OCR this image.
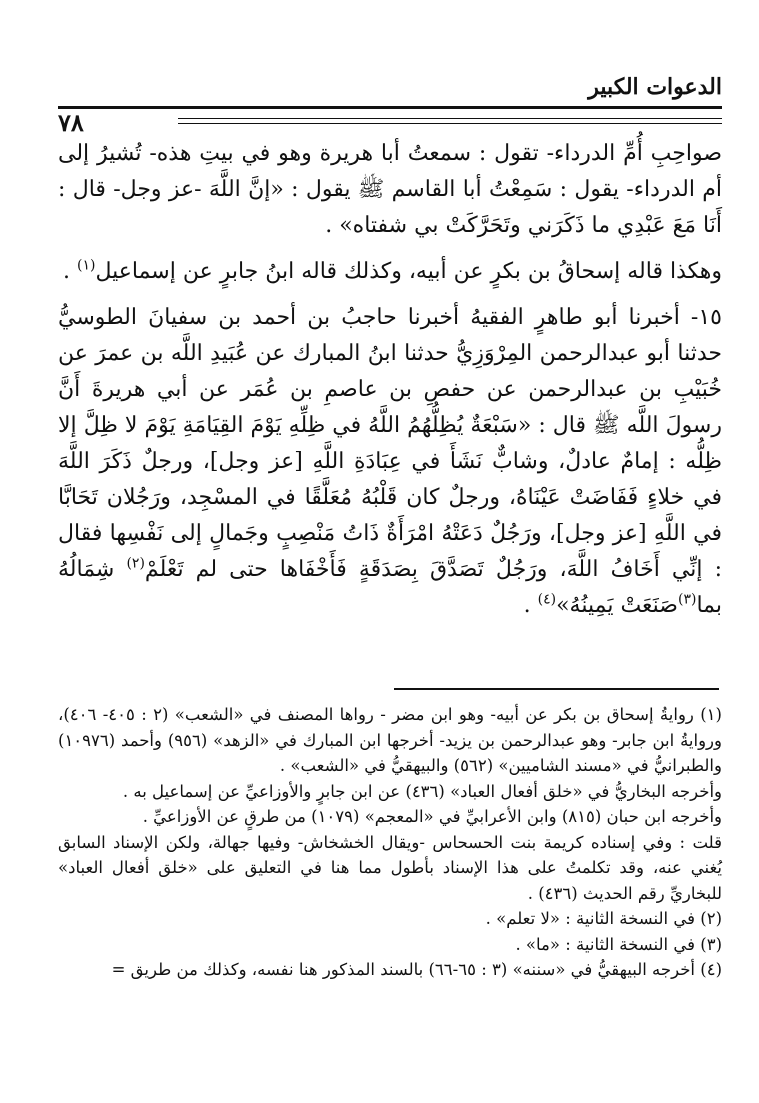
الدعوات الكبير
٧٨

صواحِبِ أُمِّ الدرداء- تقول : سمعتُ أبا هريرة وهو في بيتِ هذه- تُشيرُ إلى أم الدرداء- يقول : سَمِعْتُ أبا القاسم ﷺ يقول : «إنَّ اللَّهَ -عز وجل- قال : أَنَا مَعَ عَبْدِي ما ذَكَرَني وتَحَرَّكَتْ بي شفتاه» .

وهكذا قاله إسحاقُ بن بكرٍ عن أبيه، وكذلك قاله ابنُ جابرٍ عن إسماعيل$^{(١)}$ .

١٥- أخبرنا أبو طاهرٍ الفقيهُ أخبرنا حاجبُ بن أحمد بن سفيانَ الطوسيُّ حدثنا أبو عبدالرحمن المِرْوَزِيُّ حدثنا ابنُ المبارك عن عُبَيدِ اللَّه بن عمرَ عن خُبَيْبِ بن عبدالرحمن عن حفصِ بن عاصمِ بن عُمَر عن أبي هريرةَ أَنَّ رسولَ اللَّه ﷺ قال : «سَبْعَةٌ يُظِلُّهُمُ اللَّهُ في ظِلِّهِ يَوْمَ القِيَامَةِ يَوْمَ لا ظِلَّ إلا ظِلُّه : إمامٌ عادلٌ، وشابٌّ نَشَأَ في عِبَادَةِ اللَّهِ [عز وجل]، ورجلٌ ذَكَرَ اللَّهَ في خلاءٍ فَفَاضَتْ عَيْنَاهُ، ورجلٌ كان قَلْبُهُ مُعَلَّقًا في المسْجِد، ورَجُلان تَحَابَّا في اللَّهِ [عز وجل]، ورَجُلٌ دَعَتْهُ امْرَأَةٌ ذَاتُ مَنْصِبٍ وجَمالٍ إلى نَفْسِها فقال : إنِّي أَخَافُ اللَّهَ، ورَجُلٌ تَصَدَّقَ بِصَدَقَةٍ فَأَخْفَاها حتى لم تَعْلَمْ$^{(٢)}$ شِمَالُهُ بما$^{(٣)}$صَنَعَتْ يَمِينُهُ»$^{(٤)}$ .

(١) روايةُ إسحاق بن بكر عن أبيه- وهو ابن مضر - رواها المصنف في «الشعب» (٢ : ٤٠٥- ٤٠٦)، وروايةُ ابن جابر- وهو عبدالرحمن بن يزيد- أخرجها ابن المبارك في «الزهد» (٩٥٦) وأحمد (١٠٩٧٦) والطبرانيُّ في «مسند الشاميين» (٥٦٢) والبيهقيُّ في «الشعب» .

وأخرجه البخاريُّ في «خلق أفعال العباد» (٤٣٦) عن ابن جابرٍ والأوزاعيِّ عن إسماعيل به .

وأخرجه ابن حبان (٨١٥) وابن الأعرابيِّ في «المعجم» (١٠٧٩) من طرقٍ عن الأوزاعيِّ .

قلت : وفي إسناده كريمة بنت الحسحاس -ويقال الخشخاش- وفيها جهالة، ولكن الإسناد السابق يُغني عنه، وقد تكلمتُ على هذا الإسناد بأطول مما هنا في التعليق على «خلق أفعال العباد» للبخاريِّ رقم الحديث (٤٣٦) .

(٢) في النسخة الثانية : «لا تعلم» .

(٣) في النسخة الثانية : «ما» .

(٤) أخرجه البيهقيُّ في «سننه» (٣ : ٦٥-٦٦) بالسند المذكور هنا نفسه، وكذلك من طريق =
